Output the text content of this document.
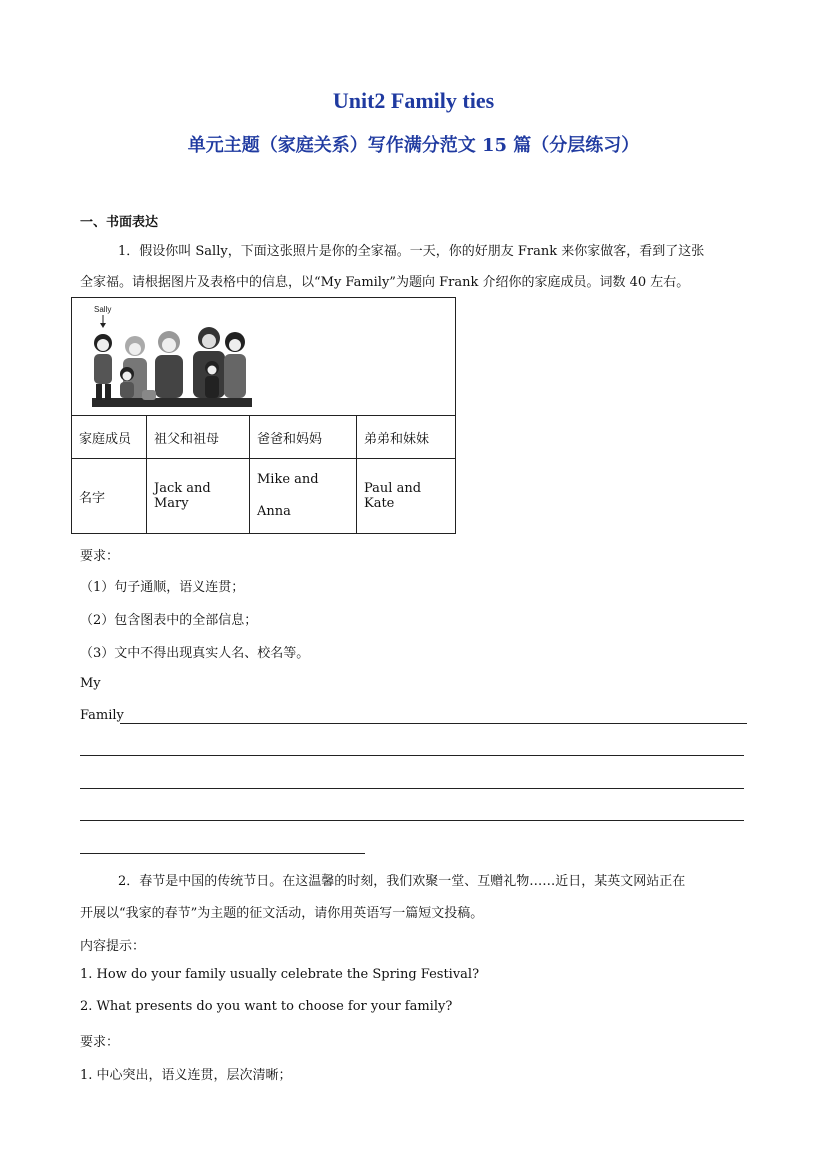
Unit2 Family ties
单元主题（家庭关系）写作满分范文 15 篇（分层练习）
一、书面表达
1．假设你叫 Sally，下面这张照片是你的全家福。一天，你的好朋友 Frank 来你家做客，看到了这张
全家福。请根据图片及表格中的信息，以“My Family”为题向 Frank 介绍你的家庭成员。词数 40 左右。
Sally			

家庭成员	祖父和祖母	爸爸和妈妈	弟弟和妹妹
名字	Jack and Mary	Mike and
Anna	Paul and Kate
要求：
（1）句子通顺，语义连贯；
（2）包含图表中的全部信息；
（3）文中不得出现真实人名、校名等。
My
Family
2．春节是中国的传统节日。在这温馨的时刻，我们欢聚一堂、互赠礼物……近日，某英文网站正在
开展以“我家的春节”为主题的征文活动，请你用英语写一篇短文投稿。
内容提示：
1. How do your family usually celebrate the Spring Festival?
2. What presents do you want to choose for your family?
要求：
1. 中心突出，语义连贯，层次清晰；
